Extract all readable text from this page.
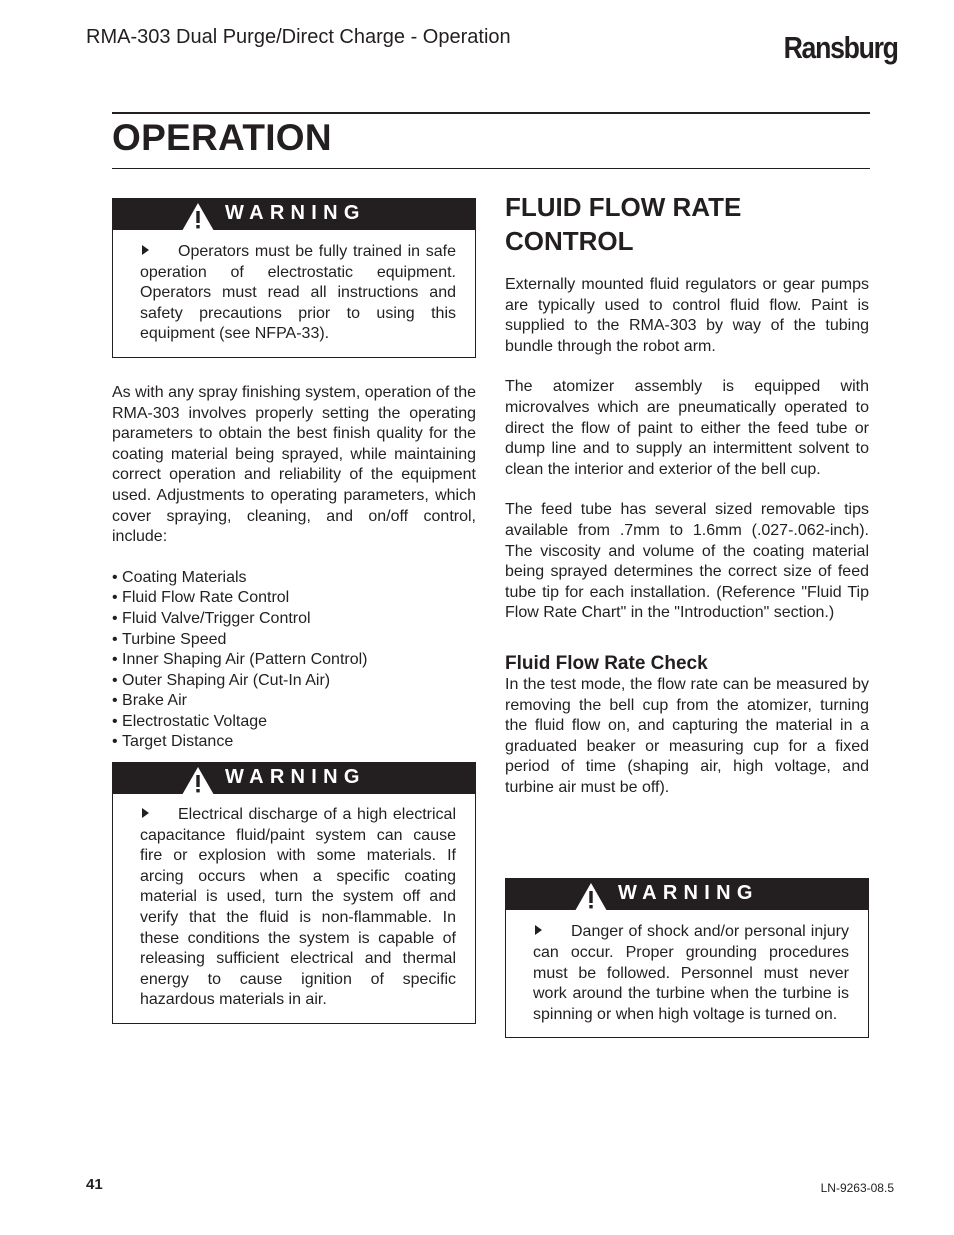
RMA-303 Dual Purge/Direct Charge - Operation	Ransburg
OPERATION
WARNING

Operators must be fully trained in safe operation of electrostatic equipment. Operators must read all instructions and safety precautions prior to using this equipment (see NFPA-33).

As with any spray finishing system, operation of the RMA-303 involves properly setting the operating parameters to obtain the best finish quality for the coating material being sprayed, while maintaining correct operation and reliability of the equipment used. Adjustments to operating parameters, which cover spraying, cleaning, and on/off control, include:

• Coating Materials
• Fluid Flow Rate Control
• Fluid Valve/Trigger Control
• Turbine Speed
• Inner Shaping Air (Pattern Control)
• Outer Shaping Air (Cut-In Air)
• Brake Air
• Electrostatic Voltage
• Target Distance
WARNING

Electrical discharge of a high electrical capacitance fluid/paint system can cause fire or explosion with some materials. If arcing occurs when a specific coating material is used, turn the system off and verify that the fluid is non-flammable. In these conditions the system is capable of releasing sufficient electrical and thermal energy to cause ignition of specific hazardous materials in air.

FLUID FLOW RATE CONTROL

Externally mounted fluid regulators or gear pumps are typically used to control fluid flow. Paint is supplied to the RMA-303 by way of the tubing bundle through the robot arm.

The atomizer assembly is equipped with microvalves which are pneumatically operated to direct the flow of paint to either the feed tube or dump line and to supply an intermittent solvent to clean the interior and exterior of the bell cup.

The feed tube has several sized removable tips available from .7mm to 1.6mm (.027-.062-inch). The viscosity and volume of the coating material being sprayed determines the correct size of feed tube tip for each installation. (Reference "Fluid Tip Flow Rate Chart" in the "Introduction" section.)

Fluid Flow Rate Check

In the test mode, the flow rate can be measured by removing the bell cup from the atomizer, turning the fluid flow on, and capturing the material in a graduated beaker or measuring cup for a fixed period of time (shaping air, high voltage, and turbine air must be off).

WARNING

Danger of shock and/or personal injury can occur. Proper grounding procedures must be followed. Personnel must never work around the turbine when the turbine is spinning or when high voltage is turned on.

41	LN-9263-08.5
